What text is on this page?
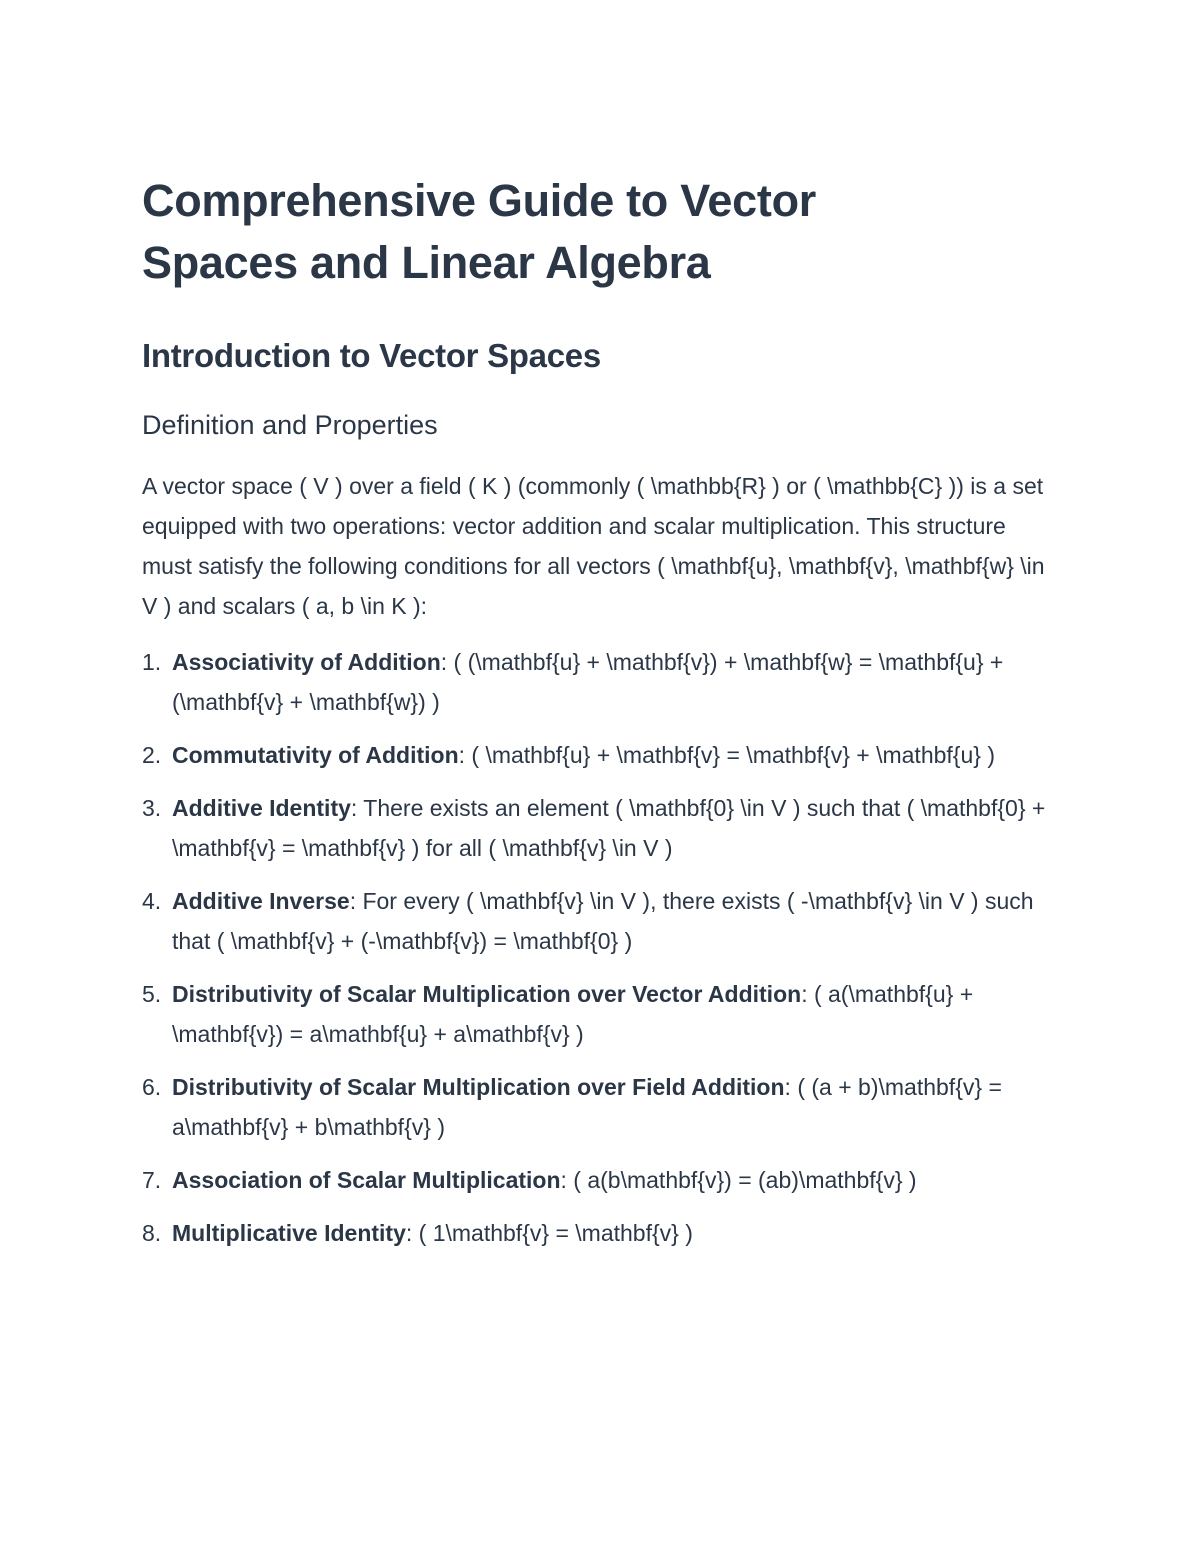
Comprehensive Guide to Vector Spaces and Linear Algebra
Introduction to Vector Spaces
Definition and Properties

A vector space ( V ) over a field ( K ) (commonly ( \mathbb{R} ) or ( \mathbb{C} )) is a set equipped with two operations: vector addition and scalar multiplication. This structure must satisfy the following conditions for all vectors ( \mathbf{u}, \mathbf{v}, \mathbf{w} \in V ) and scalars ( a, b \in K ):

1. Associativity of Addition: ( (\mathbf{u} + \mathbf{v}) + \mathbf{w} = \mathbf{u} + (\mathbf{v} + \mathbf{w}) )
2. Commutativity of Addition: ( \mathbf{u} + \mathbf{v} = \mathbf{v} + \mathbf{u} )
3. Additive Identity: There exists an element ( \mathbf{0} \in V ) such that ( \mathbf{0} + \mathbf{v} = \mathbf{v} ) for all ( \mathbf{v} \in V )
4. Additive Inverse: For every ( \mathbf{v} \in V ), there exists ( -\mathbf{v} \in V ) such that ( \mathbf{v} + (-\mathbf{v}) = \mathbf{0} )
5. Distributivity of Scalar Multiplication over Vector Addition: ( a(\mathbf{u} + \mathbf{v}) = a\mathbf{u} + a\mathbf{v} )
6. Distributivity of Scalar Multiplication over Field Addition: ( (a + b)\mathbf{v} = a\mathbf{v} + b\mathbf{v} )
7. Association of Scalar Multiplication: ( a(b\mathbf{v}) = (ab)\mathbf{v} )
8. Multiplicative Identity: ( 1\mathbf{v} = \mathbf{v} )
